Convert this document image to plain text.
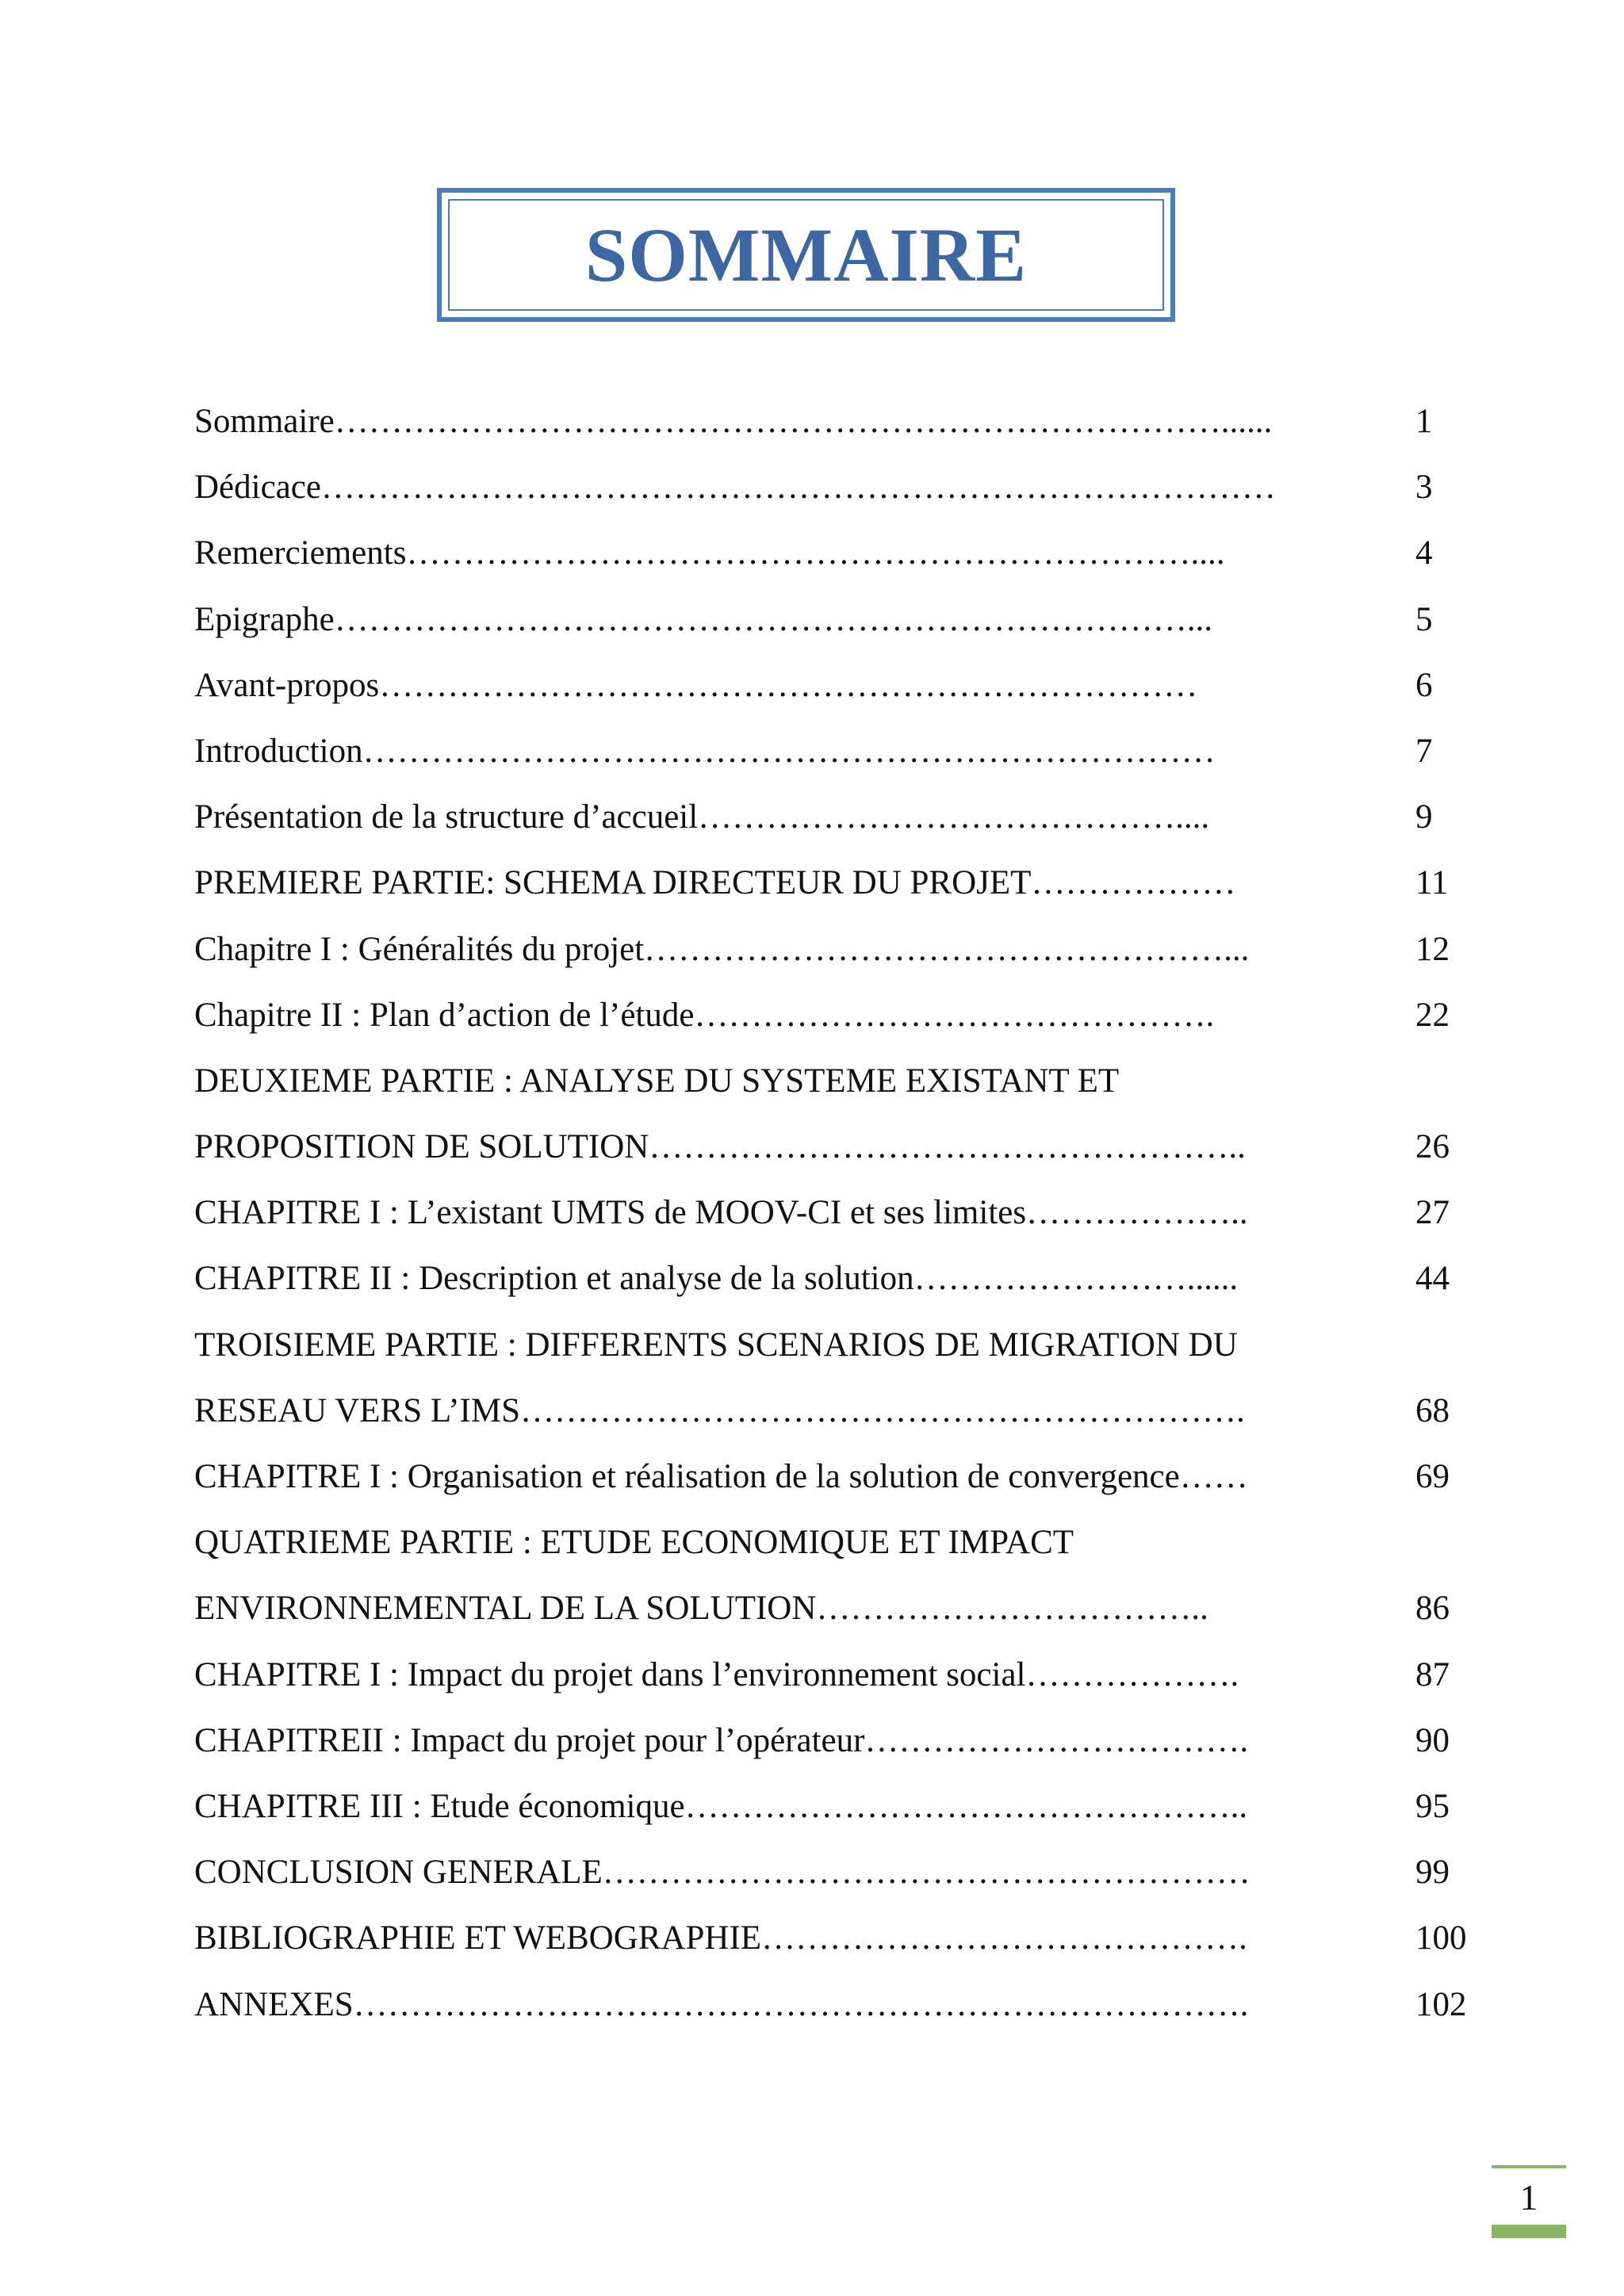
SOMMAIRE
Sommaire……………………………………………………………………......	1
Dédicace…………………………………………………………………………	3
Remerciements……………………………………………………………....	4
Epigraphe…………………………………………………………………...	5
Avant-propos………………………………………………………………	6
Introduction…………………………………………………………………	7
Présentation de la structure d’accueil……………………………………....	9
PREMIERE PARTIE: SCHEMA DIRECTEUR DU PROJET………………	11
Chapitre I : Généralités du projet……………………………………………...	12
Chapitre II : Plan d’action de l’étude……………………………………….	22
DEUXIEME PARTIE : ANALYSE DU SYSTEME EXISTANT ET
PROPOSITION DE SOLUTION……………………………………………..	26
CHAPITRE I : L’existant UMTS de MOOV-CI et ses limites………………..	27
CHAPITRE II : Description et analyse de la solution……………………......	44
TROISIEME PARTIE : DIFFERENTS SCENARIOS DE MIGRATION DU
RESEAU VERS L’IMS……………………………………………………….	68
CHAPITRE I : Organisation et réalisation de la solution de convergence……	69
QUATRIEME PARTIE : ETUDE ECONOMIQUE ET IMPACT
ENVIRONNEMENTAL DE LA SOLUTION……………………………..	86
CHAPITRE I : Impact du projet dans l’environnement social……………….	87
CHAPITREII : Impact du projet pour l’opérateur…………………………….	90
CHAPITRE III : Etude économique…………………………………………..	95
CONCLUSION GENERALE…………………………………………………	99
BIBLIOGRAPHIE ET WEBOGRAPHIE…………………………………….	100
ANNEXES…………………………………………………………………….	102
1
